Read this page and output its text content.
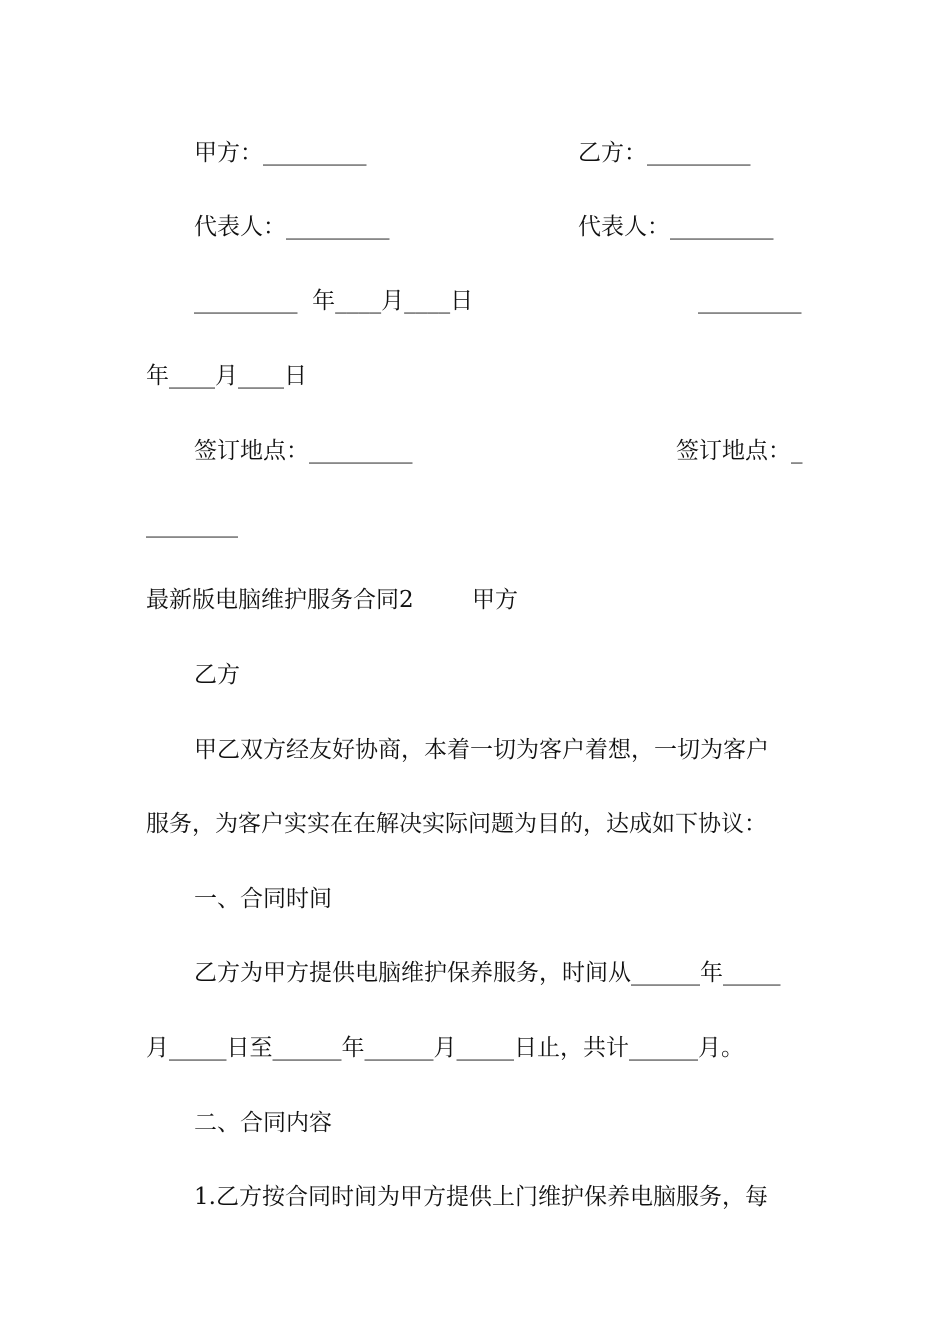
甲方：_________	乙方：_________
代表人：_________	代表人：_________
_________  年____月____日	_________
年____月____日
签订地点：_________	签订地点：_
________
最新版电脑维护服务合同2	甲方
乙方
甲乙双方经友好协商，本着一切为客户着想，一切为客户
服务，为客户实实在在解决实际问题为目的，达成如下协议：
一、合同时间
乙方为甲方提供电脑维护保养服务，时间从______年_____
月_____日至______年______月_____日止，共计______月。
二、合同内容
1.乙方按合同时间为甲方提供上门维护保养电脑服务，每
